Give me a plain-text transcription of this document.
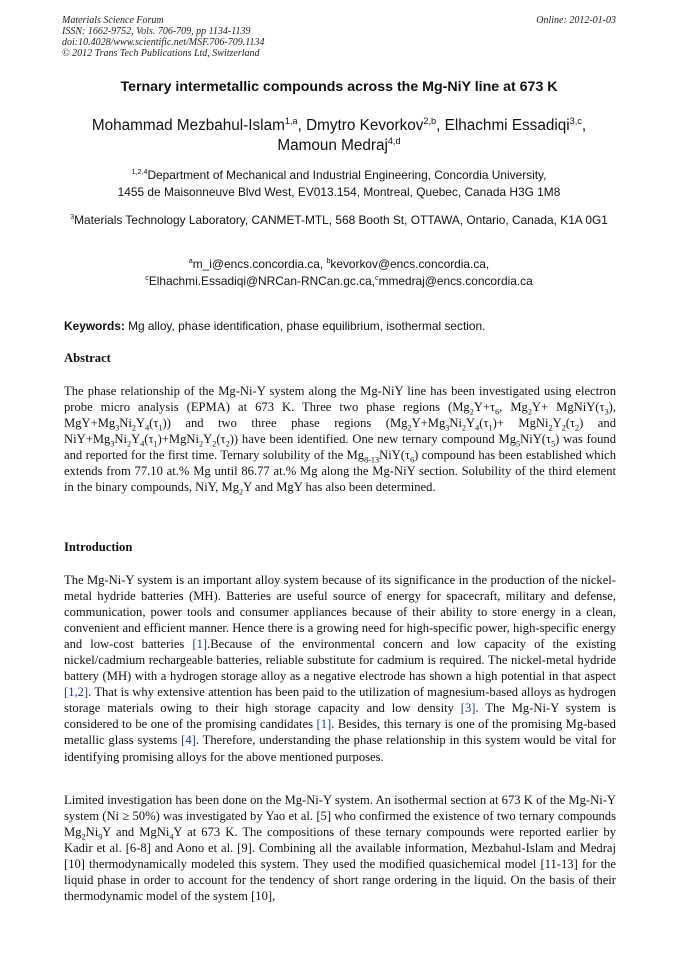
Materials Science Forum	Online: 2012-01-03
ISSN: 1662-9752, Vols. 706-709, pp 1134-1139
doi:10.4028/www.scientific.net/MSF.706-709.1134
© 2012 Trans Tech Publications Ltd, Switzerland
Ternary intermetallic compounds across the Mg-NiY line at 673 K
Mohammad Mezbahul-Islam$^{1,a}$, Dmytro Kevorkov$^{2,b}$, Elhachmi Essadiqi$^{3,c}$,
Mamoun Medraj$^{4,d}$
$^{1,2,4}$Department of Mechanical and Industrial Engineering, Concordia University,
1455 de Maisonneuve Blvd West, EV013.154, Montreal, Quebec, Canada H3G 1M8
$^3$Materials Technology Laboratory, CANMET-MTL, 568 Booth St, OTTAWA, Ontario, Canada, K1A 0G1
$^a$m_i@encs.concordia.ca, $^b$kevorkov@encs.concordia.ca,
$^c$Elhachmi.Essadiqi@NRCan-RNCan.gc.ca,$^c$mmedraj@encs.concordia.ca
Keywords: Mg alloy, phase identification, phase equilibrium, isothermal section.
Abstract
The phase relationship of the Mg-Ni-Y system along the Mg-NiY line has been investigated using electron probe micro analysis (EPMA) at 673 K. Three two phase regions ($Mg_2Y+\tau_6$, $Mg_2Y+$ $MgNiY(\tau_3)$, $MgY+Mg_3Ni_2Y_4(\tau_1)$) and two three phase regions ($Mg_2Y+Mg_3Ni_2Y_4(\tau_1)+$ $MgNi_2Y_2(\tau_2)$ and $NiY+Mg_3Ni_2Y_4(\tau_1)+MgNi_2Y_2(\tau_2)$) have been identified. One new ternary compound $Mg_5NiY(\tau_5)$ was found and reported for the first time. Ternary solubility of the $Mg_{8-13}NiY(\tau_6)$ compound has been established which extends from 77.10 at.% Mg until 86.77 at.% Mg along the Mg-NiY section. Solubility of the third element in the binary compounds, NiY, $Mg_2Y$ and MgY has also been determined.
Introduction
The Mg-Ni-Y system is an important alloy system because of its significance in the production of the nickel-metal hydride batteries (MH). Batteries are useful source of energy for spacecraft, military and defense, communication, power tools and consumer appliances because of their ability to store energy in a clean, convenient and efficient manner. Hence there is a growing need for high-specific power, high-specific energy and low-cost batteries [1].Because of the environmental concern and low capacity of the existing nickel/cadmium rechargeable batteries, reliable substitute for cadmium is required. The nickel-metal hydride battery (MH) with a hydrogen storage alloy as a negative electrode has shown a high potential in that aspect [1,2]. That is why extensive attention has been paid to the utilization of magnesium-based alloys as hydrogen storage materials owing to their high storage capacity and low density [3]. The Mg-Ni-Y system is considered to be one of the promising candidates [1]. Besides, this ternary is one of the promising Mg-based metallic glass systems [4]. Therefore, understanding the phase relationship in this system would be vital for identifying promising alloys for the above mentioned purposes.
Limited investigation has been done on the Mg-Ni-Y system. An isothermal section at 673 K of the Mg-Ni-Y system (Ni ≥ 50%) was investigated by Yao et al. [5] who confirmed the existence of two ternary compounds $Mg_2Ni_9Y$ and MgNi$_4$Y at 673 K. The compositions of these ternary compounds were reported earlier by Kadir et al. [6-8] and Aono et al. [9]. Combining all the available information, Mezbahul-Islam and Medraj [10] thermodynamically modeled this system. They used the modified quasichemical model [11-13] for the liquid phase in order to account for the tendency of short range ordering in the liquid. On the basis of their thermodynamic model of the system [10],
